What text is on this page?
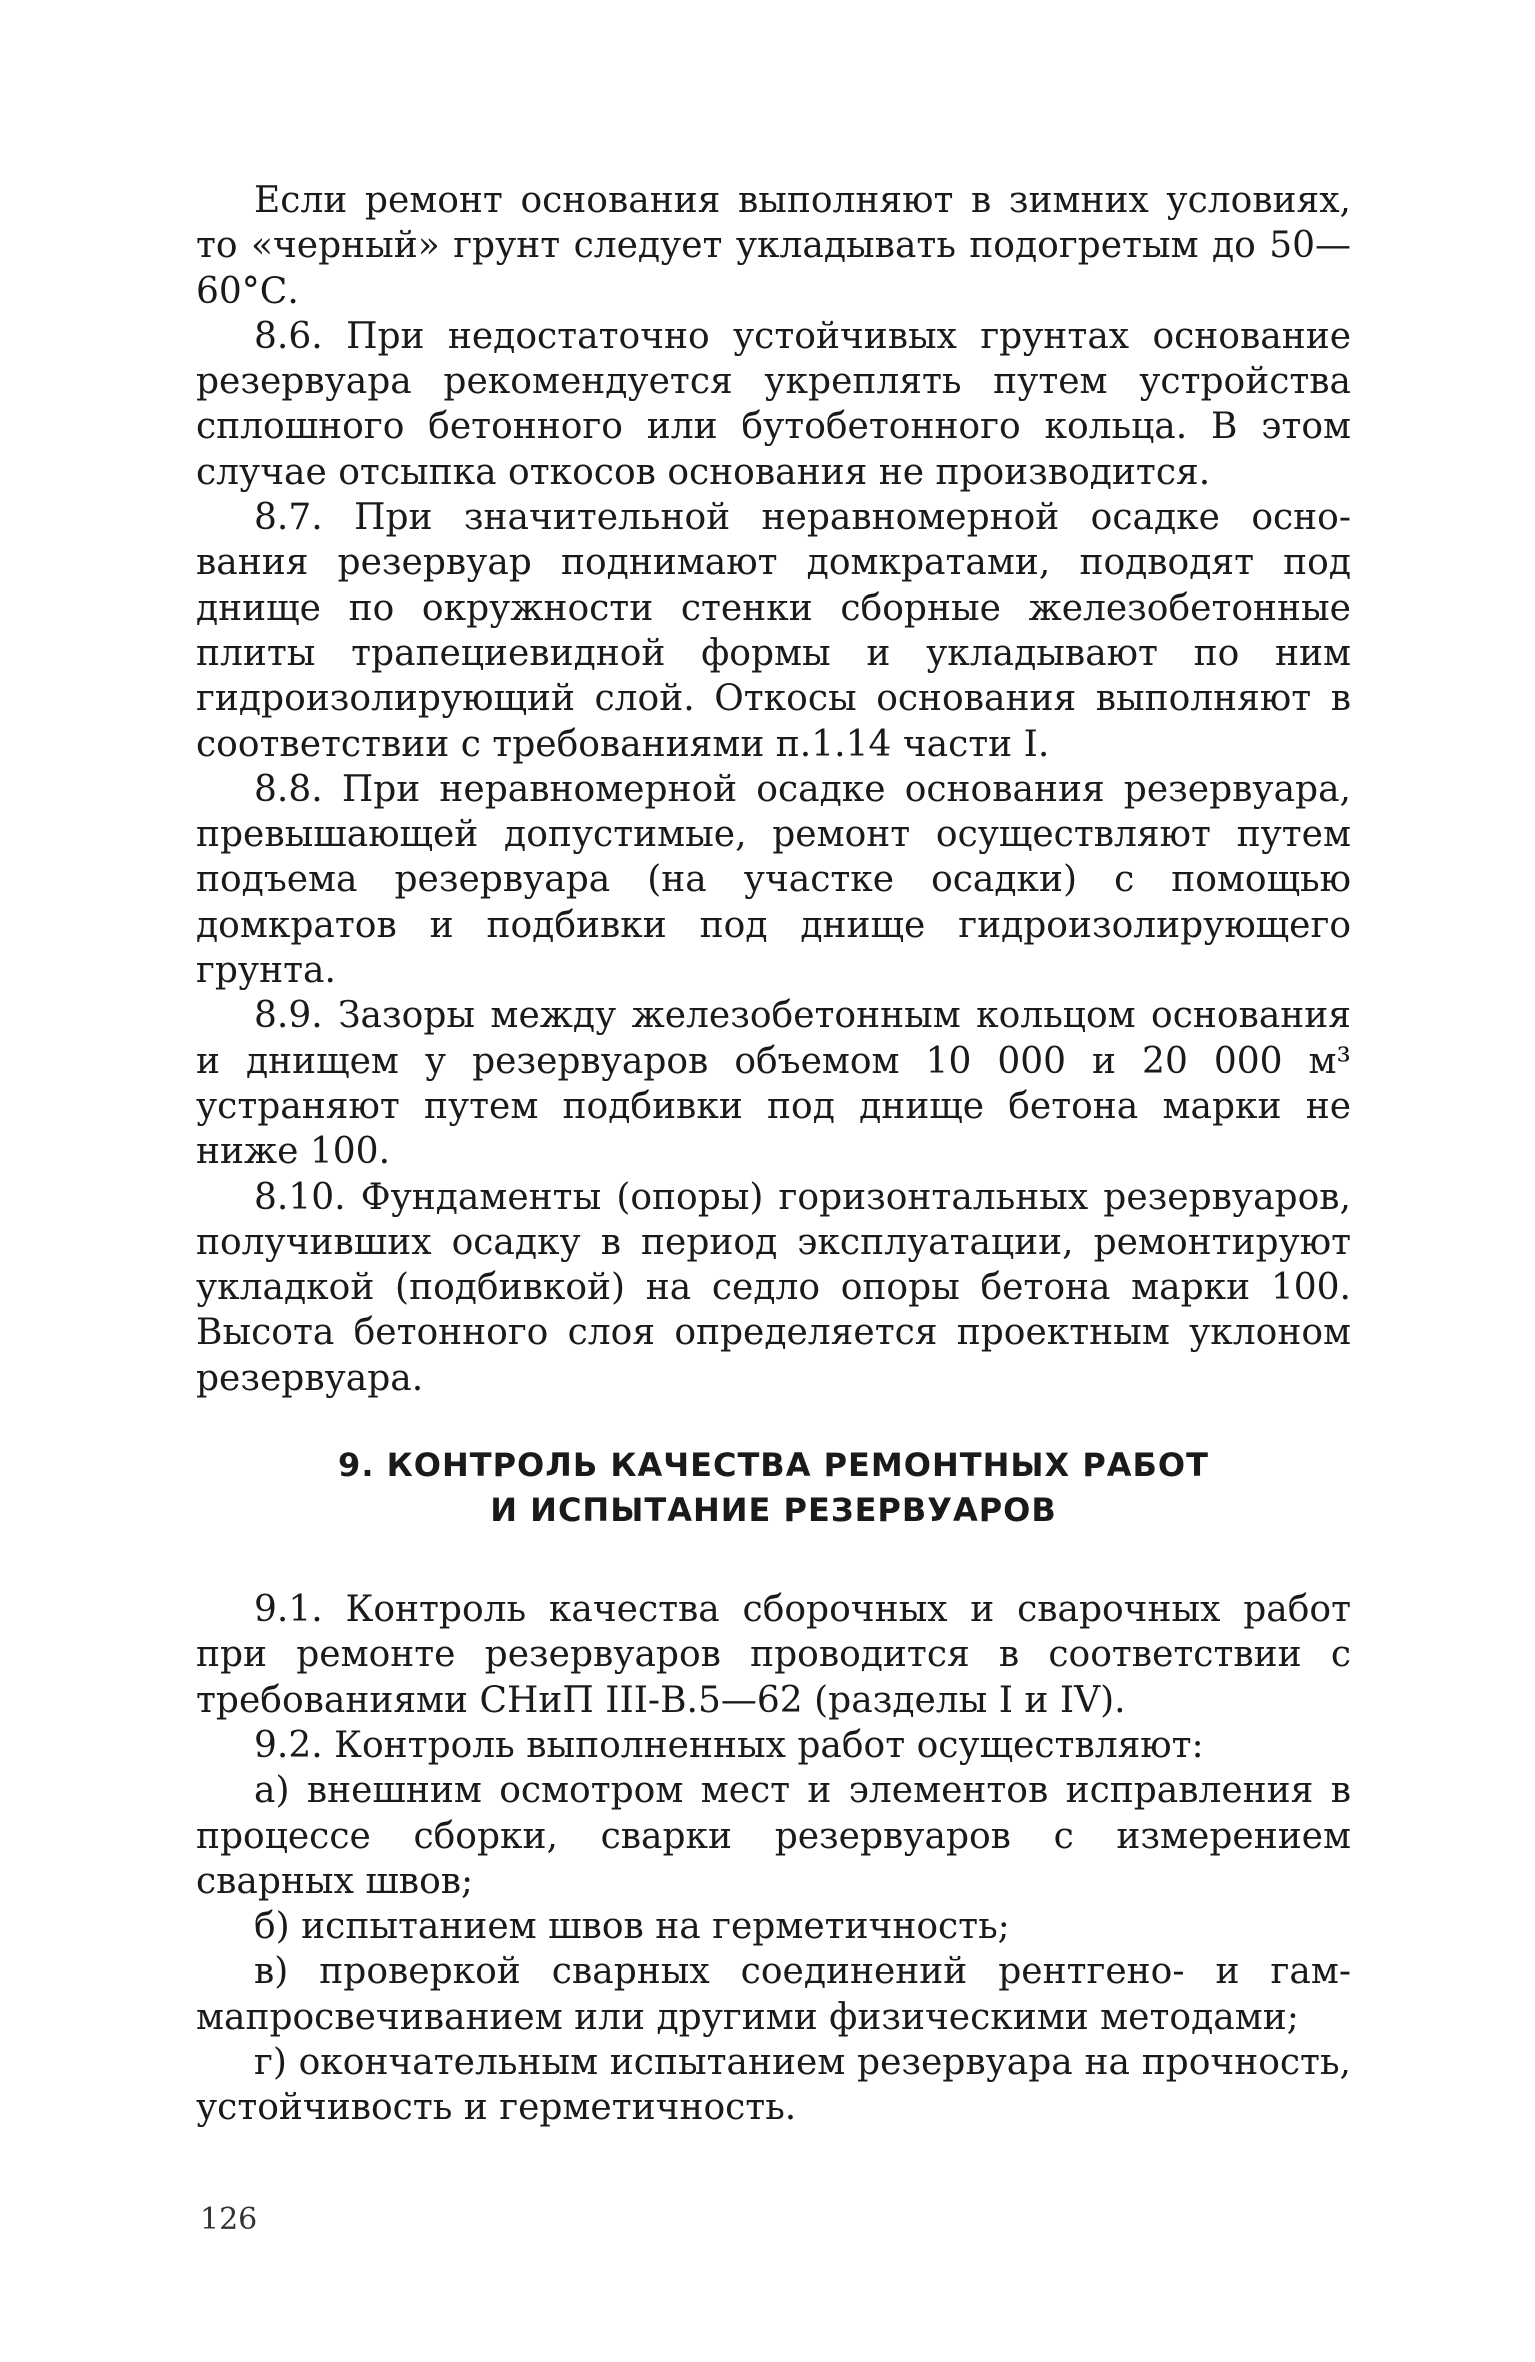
Если ремонт основания выполняют в зимних условиях, то «черный» грунт следует укладывать подогретым до 50—60°С.

8.6. При недостаточно устойчивых грунтах основание резервуара рекомендуется укреплять путем устройства сплошного бетонного или бутобетонного кольца. В этом случае отсыпка откосов основания не производится.

8.7. При значительной неравномерной осадке основания резервуар поднимают домкратами, подводят под днище по окружности стенки сборные железобетонные плиты трапециевидной формы и укладывают по ним гидроизолирующий слой. Откосы основания выполняют в соответствии с требованиями п.1.14 части I.

8.8. При неравномерной осадке основания резервуара, превышающей допустимые, ремонт осуществляют путем подъема резервуара (на участке осадки) с помощью домкратов и подбивки под днище гидроизолирующего грунта.

8.9. Зазоры между железобетонным кольцом основания и днищем у резервуаров объемом 10 000 и 20 000 м³ устраняют путем подбивки под днище бетона марки не ниже 100.

8.10. Фундаменты (опоры) горизонтальных резервуаров, получивших осадку в период эксплуатации, ремонтируют укладкой (подбивкой) на седло опоры бетона марки 100. Высота бетонного слоя определяется проектным уклоном резервуара.

9. КОНТРОЛЬ КАЧЕСТВА РЕМОНТНЫХ РАБОТ
И ИСПЫТАНИЕ РЕЗЕРВУАРОВ

9.1. Контроль качества сборочных и сварочных работ при ремонте резервуаров проводится в соответствии с требованиями СНиП III-В.5—62 (разделы I и IV).

9.2. Контроль выполненных работ осуществляют:

а) внешним осмотром мест и элементов исправления в процессе сборки, сварки резервуаров с измерением сварных швов;

б) испытанием швов на герметичность;

в) проверкой сварных соединений рентгено- и гаммапросвечиванием или другими физическими методами;

г) окончательным испытанием резервуара на прочность, устойчивость и герметичность.

126
